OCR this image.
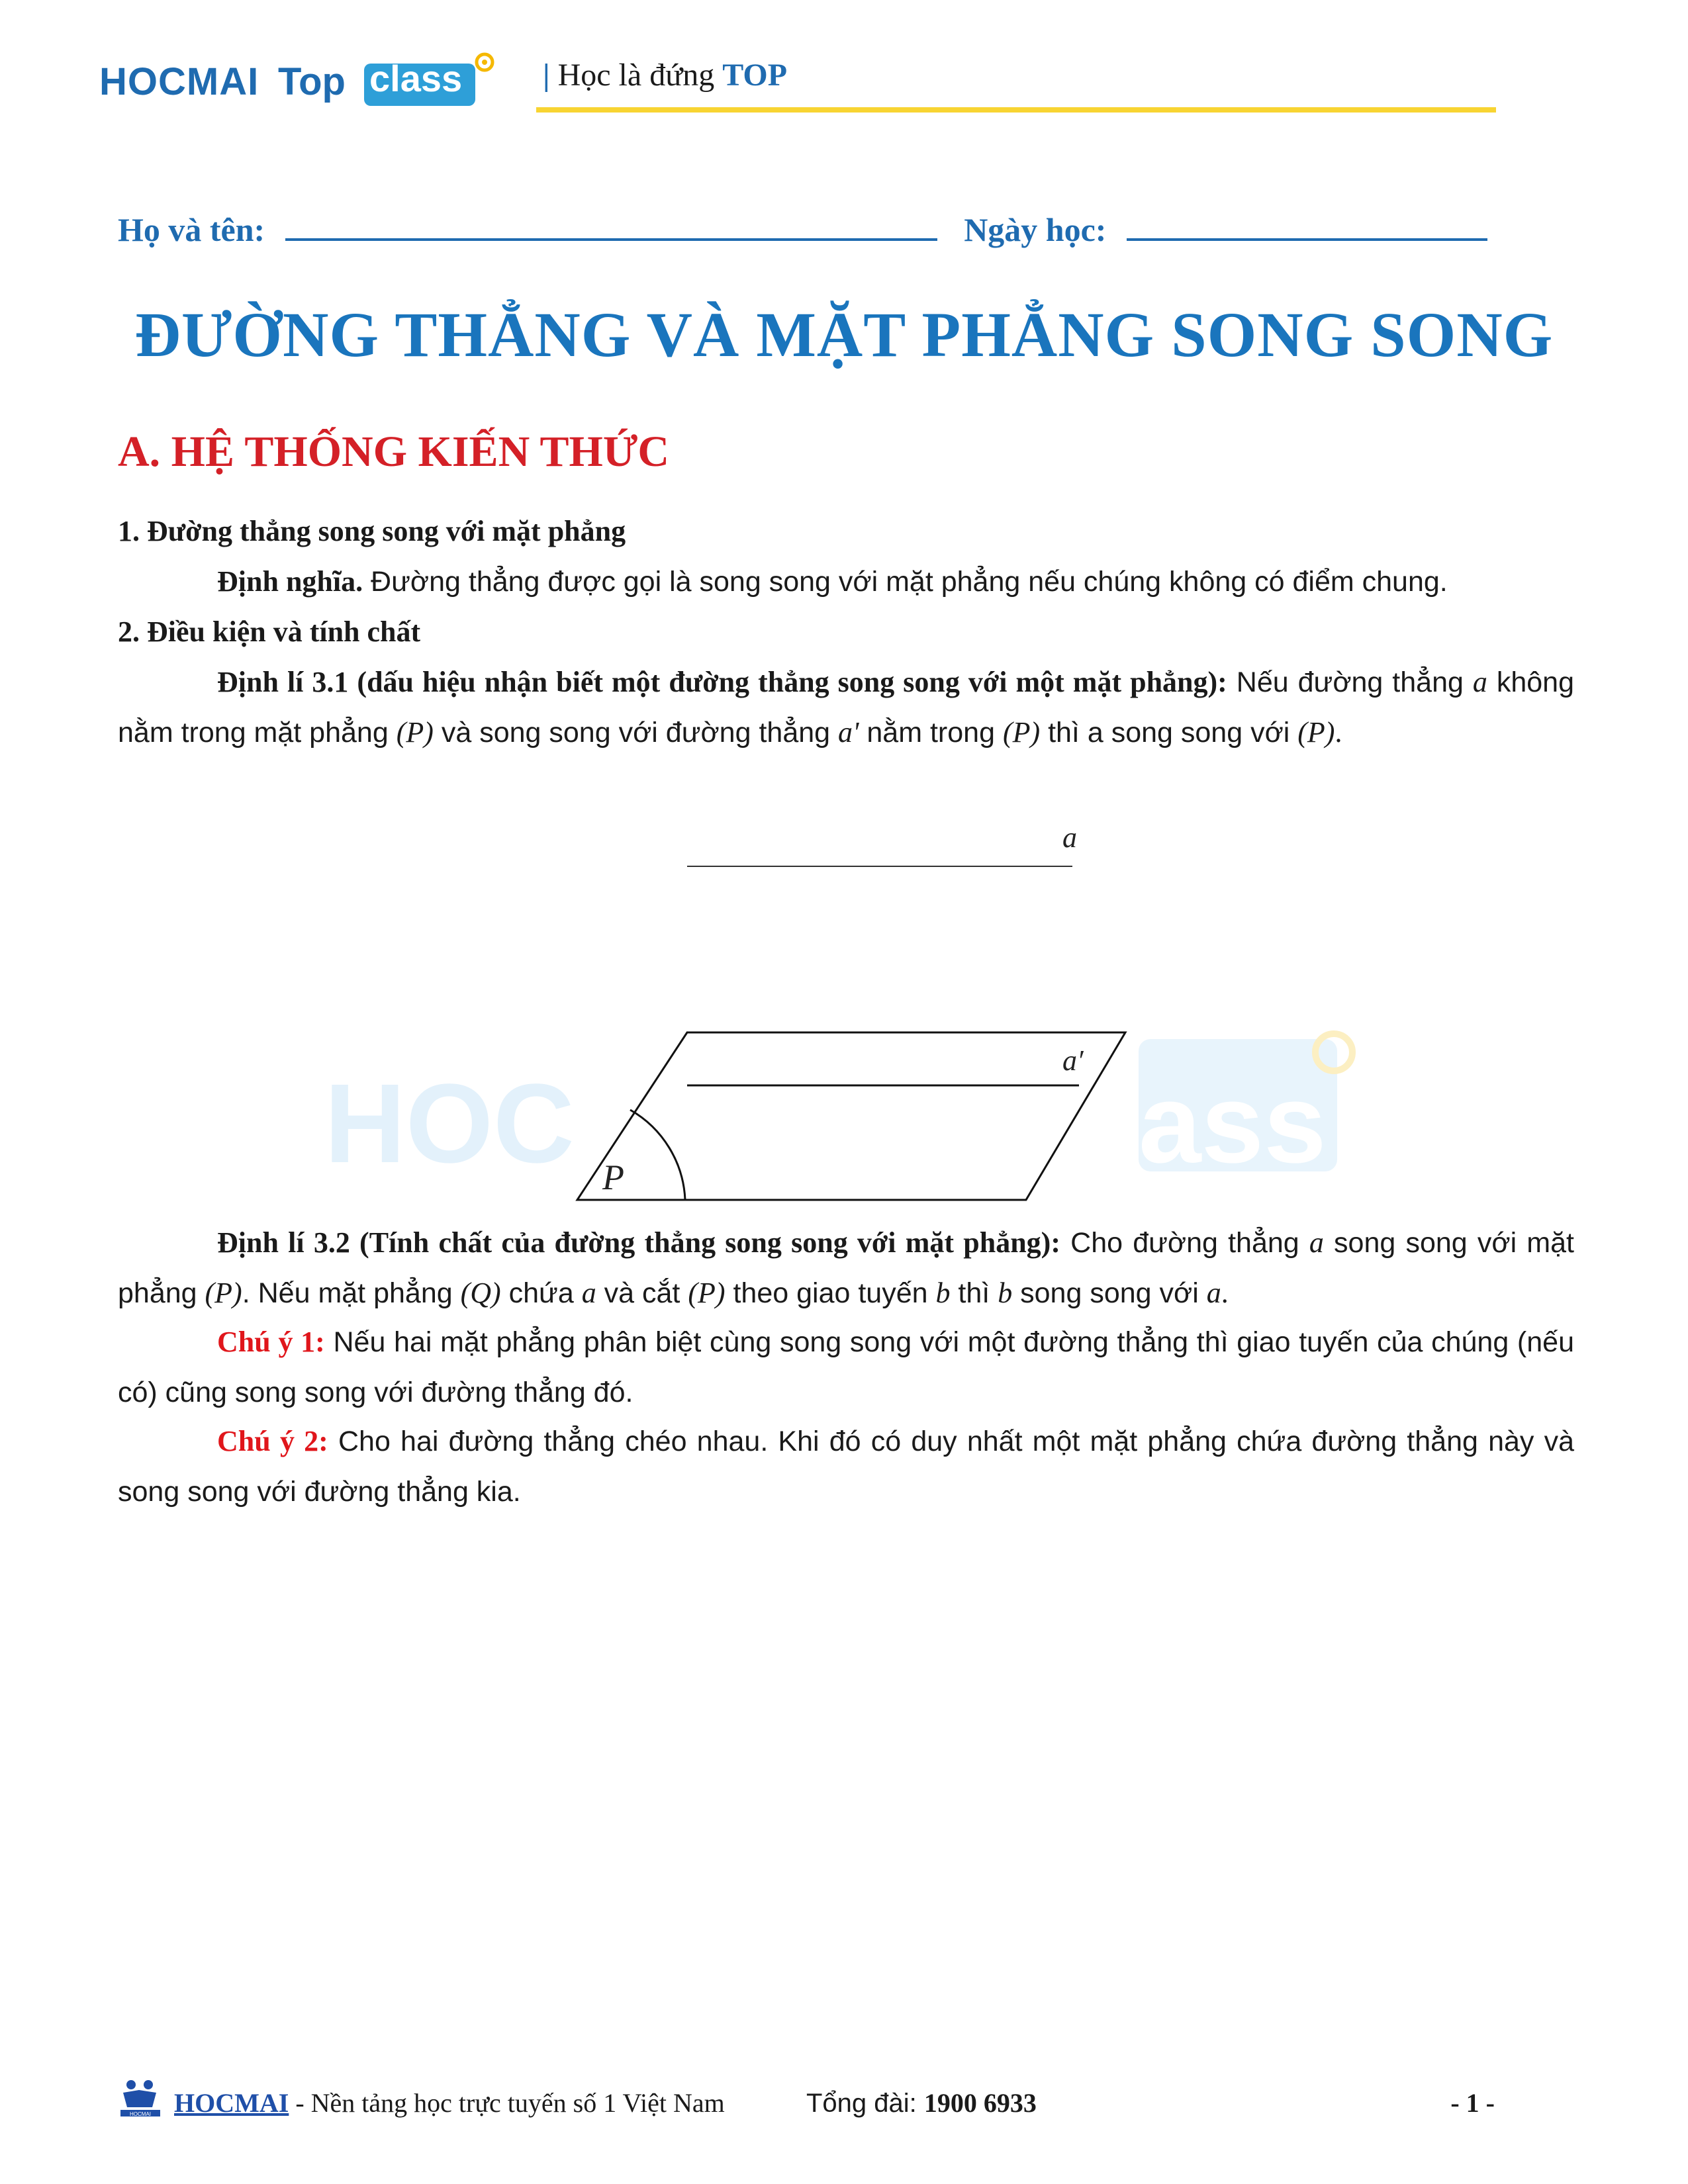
HOCMAI Top class	| Học là đứng TOP
Họ và tên:	Ngày học:
ĐƯỜNG THẲNG VÀ MẶT PHẲNG SONG SONG
A. HỆ THỐNG KIẾN THỨC
1. Đường thẳng song song với mặt phẳng
Định nghĩa. Đường thẳng được gọi là song song với mặt phẳng nếu chúng không có điểm chung.
2. Điều kiện và tính chất
Định lí 3.1 (dấu hiệu nhận biết một đường thẳng song song với một mặt phẳng): Nếu đường thẳng a không nằm trong mặt phẳng (P) và song song với đường thẳng a' nằm trong (P) thì a song song với (P).
HOC	ass
a
a′
P
Định lí 3.2 (Tính chất của đường thẳng song song với mặt phẳng): Cho đường thẳng a song song với mặt phẳng (P). Nếu mặt phẳng (Q) chứa a và cắt (P) theo giao tuyến b thì b song song với a.
Chú ý 1: Nếu hai mặt phẳng phân biệt cùng song song với một đường thẳng thì giao tuyến của chúng (nếu có) cũng song song với đường thẳng đó.
Chú ý 2: Cho hai đường thẳng chéo nhau. Khi đó có duy nhất một mặt phẳng chứa đường thẳng này và song song với đường thẳng kia.
HOCMAI HOCMAI - Nền tảng học trực tuyến số 1 Việt Nam	Tổng đài: 1900 6933	- 1 -
